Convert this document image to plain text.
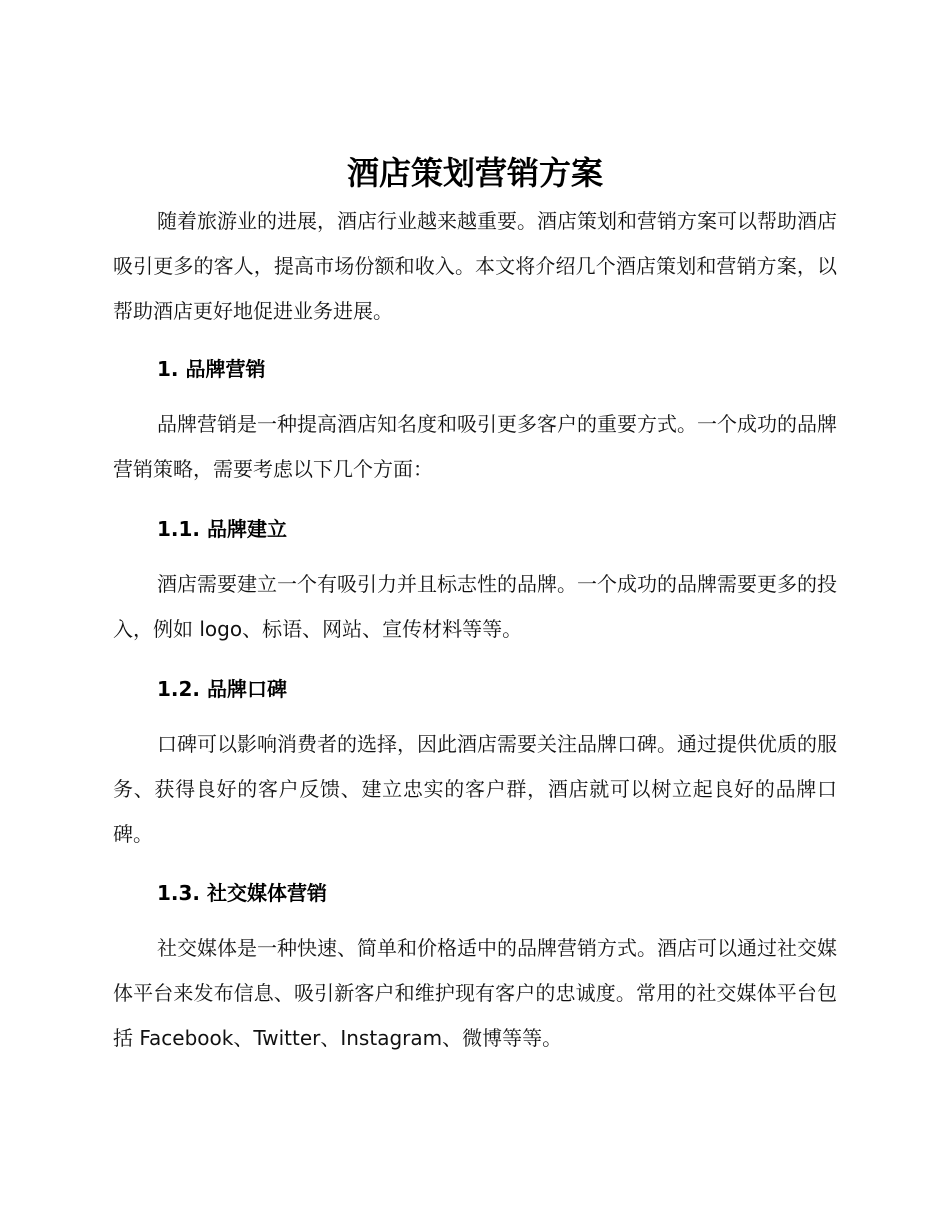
酒店策划营销方案

随着旅游业的进展，酒店行业越来越重要。酒店策划和营销方案可以帮助酒店吸引更多的客人，提高市场份额和收入。本文将介绍几个酒店策划和营销方案，以帮助酒店更好地促进业务进展。

1. 品牌营销

品牌营销是一种提高酒店知名度和吸引更多客户的重要方式。一个成功的品牌营销策略，需要考虑以下几个方面：

1.1. 品牌建立

酒店需要建立一个有吸引力并且标志性的品牌。一个成功的品牌需要更多的投入，例如 logo、标语、网站、宣传材料等等。

1.2. 品牌口碑

口碑可以影响消费者的选择，因此酒店需要关注品牌口碑。通过提供优质的服务、获得良好的客户反馈、建立忠实的客户群，酒店就可以树立起良好的品牌口碑。

1.3. 社交媒体营销

社交媒体是一种快速、简单和价格适中的品牌营销方式。酒店可以通过社交媒体平台来发布信息、吸引新客户和维护现有客户的忠诚度。常用的社交媒体平台包括 Facebook、Twitter、Instagram、微博等等。
